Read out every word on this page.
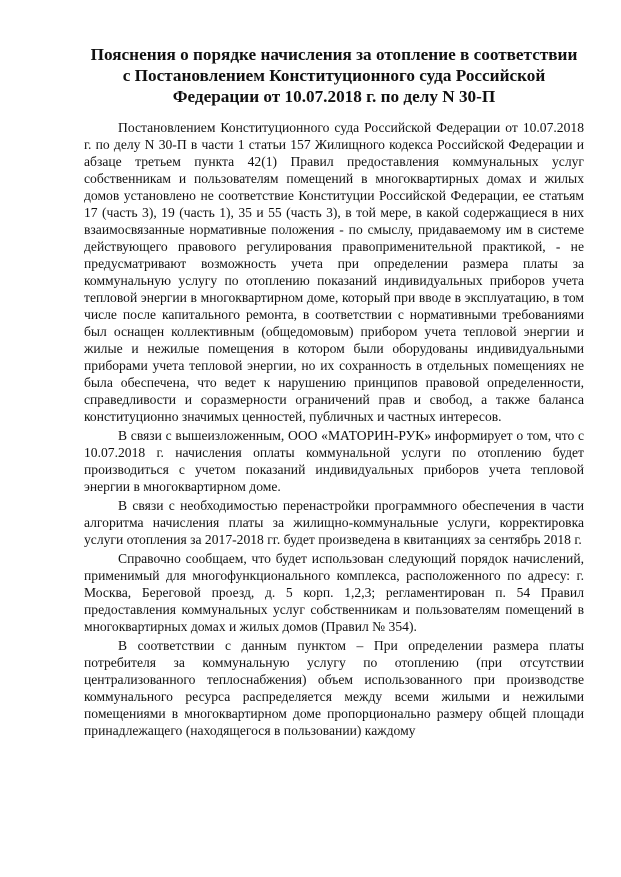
Пояснения о порядке начисления за отопление в соответствии с Постановлением Конституционного суда Российской Федерации от 10.07.2018 г. по делу N 30-П

Постановлением Конституционного суда Российской Федерации от 10.07.2018 г. по делу N 30-П в части 1 статьи 157 Жилищного кодекса Российской Федерации и абзаце третьем пункта 42(1) Правил предоставления коммунальных услуг собственникам и пользователям помещений в многоквартирных домах и жилых домов установлено не соответствие Конституции Российской Федерации, ее статьям 17 (часть 3), 19 (часть 1), 35 и 55 (часть 3), в той мере, в какой содержащиеся в них взаимосвязанные нормативные положения - по смыслу, придаваемому им в системе действующего правового регулирования правоприменительной практикой, - не предусматривают возможность учета при определении размера платы за коммунальную услугу по отоплению показаний индивидуальных приборов учета тепловой энергии в многоквартирном доме, который при вводе в эксплуатацию, в том числе после капитального ремонта, в соответствии с нормативными требованиями был оснащен коллективным (общедомовым) прибором учета тепловой энергии и жилые и нежилые помещения в котором были оборудованы индивидуальными приборами учета тепловой энергии, но их сохранность в отдельных помещениях не была обеспечена, что ведет к нарушению принципов правовой определенности, справедливости и соразмерности ограничений прав и свобод, а также баланса конституционно значимых ценностей, публичных и частных интересов.

В связи с вышеизложенным, ООО «МАТОРИН-РУК» информирует о том, что с 10.07.2018 г. начисления оплаты коммунальной услуги по отоплению будет производиться с учетом показаний индивидуальных приборов учета тепловой энергии в многоквартирном доме.

В связи с необходимостью перенастройки программного обеспечения в части алгоритма начисления платы за жилищно-коммунальные услуги, корректировка услуги отопления за 2017-2018 гг. будет произведена в квитанциях за сентябрь 2018 г.

Справочно сообщаем, что будет использован следующий порядок начислений, применимый для многофункционального комплекса, расположенного по адресу: г. Москва, Береговой проезд, д. 5 корп. 1,2,3; регламентирован п. 54 Правил предоставления коммунальных услуг собственникам и пользователям помещений в многоквартирных домах и жилых домов (Правил № 354).

В соответствии с данным пунктом – При определении размера платы потребителя за коммунальную услугу по отоплению (при отсутствии централизованного теплоснабжения) объем использованного при производстве коммунального ресурса распределяется между всеми жилыми и нежилыми помещениями в многоквартирном доме пропорционально размеру общей площади принадлежащего (находящегося в пользовании) каждому
